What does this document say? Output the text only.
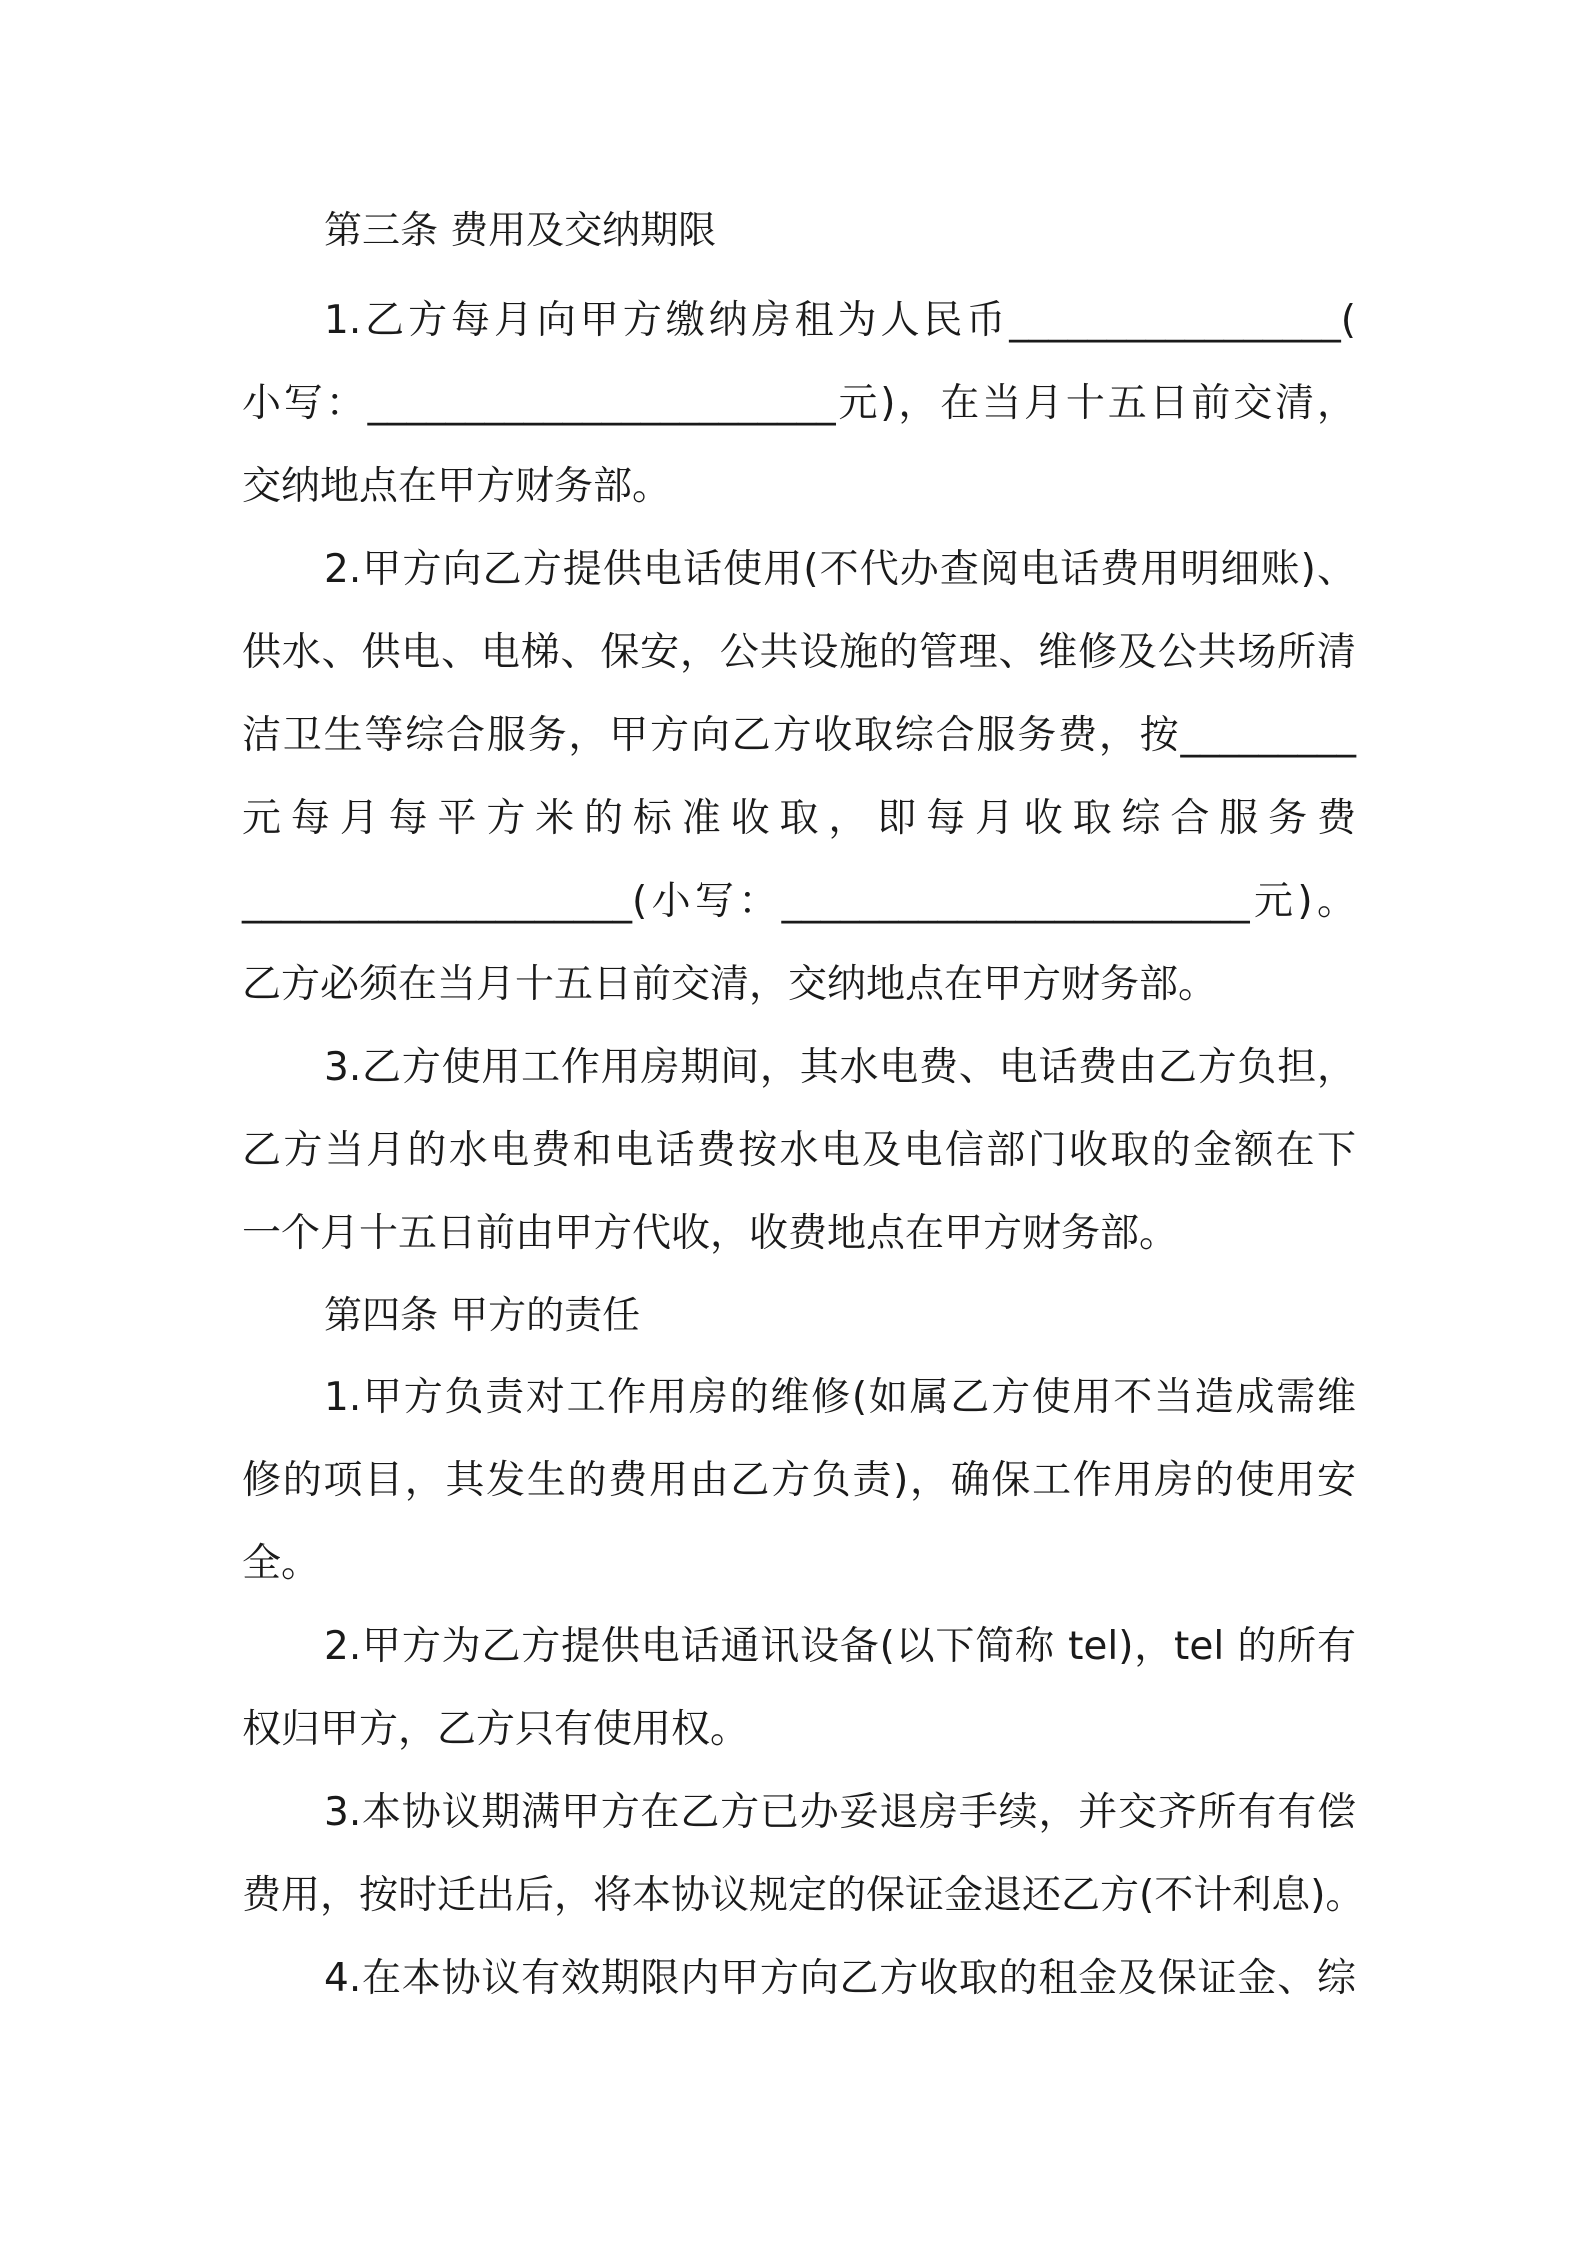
第三条 费用及交纳期限
1.乙方每月向甲方缴纳房租为人民币_________________(
小写：________________________元)，在当月十五日前交清，
交纳地点在甲方财务部。
2.甲方向乙方提供电话使用(不代办查阅电话费用明细账)、
供水、供电、电梯、保安，公共设施的管理、维修及公共场所清
洁卫生等综合服务，甲方向乙方收取综合服务费，按_________
元每月每平方米的标准收取，即每月收取综合服务费
____________________(小写：________________________元)。
乙方必须在当月十五日前交清，交纳地点在甲方财务部。
3.乙方使用工作用房期间，其水电费、电话费由乙方负担，
乙方当月的水电费和电话费按水电及电信部门收取的金额在下
一个月十五日前由甲方代收，收费地点在甲方财务部。
第四条 甲方的责任
1.甲方负责对工作用房的维修(如属乙方使用不当造成需维
修的项目，其发生的费用由乙方负责)，确保工作用房的使用安
全。
2.甲方为乙方提供电话通讯设备(以下简称 tel)，tel 的所有
权归甲方，乙方只有使用权。
3.本协议期满甲方在乙方已办妥退房手续，并交齐所有有偿
费用，按时迁出后，将本协议规定的保证金退还乙方(不计利息)。
4.在本协议有效期限内甲方向乙方收取的租金及保证金、综
